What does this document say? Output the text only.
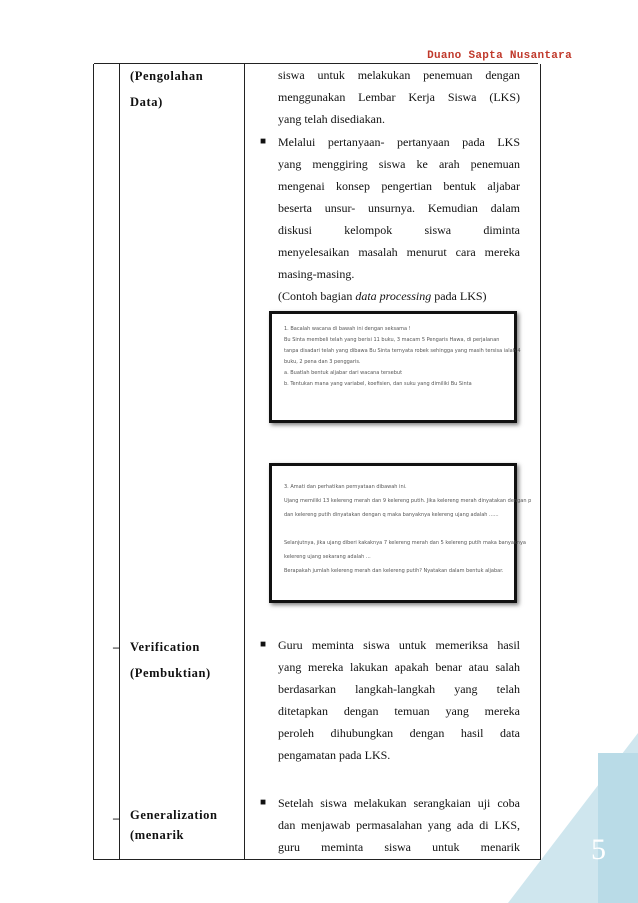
Duano Sapta Nusantara
(Pengolahan
Data)

siswa untuk melakukan penemuan dengan

menggunakan Lembar Kerja Siswa (LKS)

yang telah disediakan.

■ Melalui pertanyaan- pertanyaan pada LKS

yang menggiring siswa ke arah penemuan

mengenai konsep pengertian bentuk aljabar

beserta unsur- unsurnya. Kemudian dalam

diskusi kelompok siswa diminta

menyelesaikan masalah menurut cara mereka

masing-masing.

(Contoh bagian data processing pada LKS)

1. Bacalah wacana di bawah ini dengan seksama !
Bu Sinta membeli telah yang berisi 11 buku, 3 macam 5 Pengaris Hawa, di perjalanan
tanpa disadari telah yang dibawa Bu Sinta ternyata robek sehingga yang masih tersisa ialah 4
buku, 2 pena dan 3 penggaris.
a. Buatlah bentuk aljabar dari wacana tersebut
b. Tentukan mana yang variabel, koefisien, dan suku yang dimiliki Bu Sinta
3. Amati dan perhatikan pernyataan dibawah ini.
Ujang memiliki 13 kelereng merah dan 9 kelereng putih. Jika kelereng merah dinyatakan dengan p
dan kelereng putih dinyatakan dengan q maka banyaknya kelereng ujang adalah ......

Selanjutnya, jika ujang diberi kakaknya 7 kelereng merah dan 5 kelereng putih maka banyaknya
kelereng ujang sekarang adalah ...
Berapakah jumlah kelereng merah dan kelereng putih? Nyatakan dalam bentuk aljabar.
– Verification
(Pembuktian)
■ Guru meminta siswa untuk memeriksa hasil

yang mereka lakukan apakah benar atau salah

berdasarkan langkah-langkah yang telah

ditetapkan dengan temuan yang mereka

peroleh dihubungkan dengan hasil data

pengamatan pada LKS.

– Generalization
(menarik
■ Setelah siswa melakukan serangkaian uji coba

dan menjawab permasalahan yang ada di LKS,

guru meminta siswa untuk menarik 5
